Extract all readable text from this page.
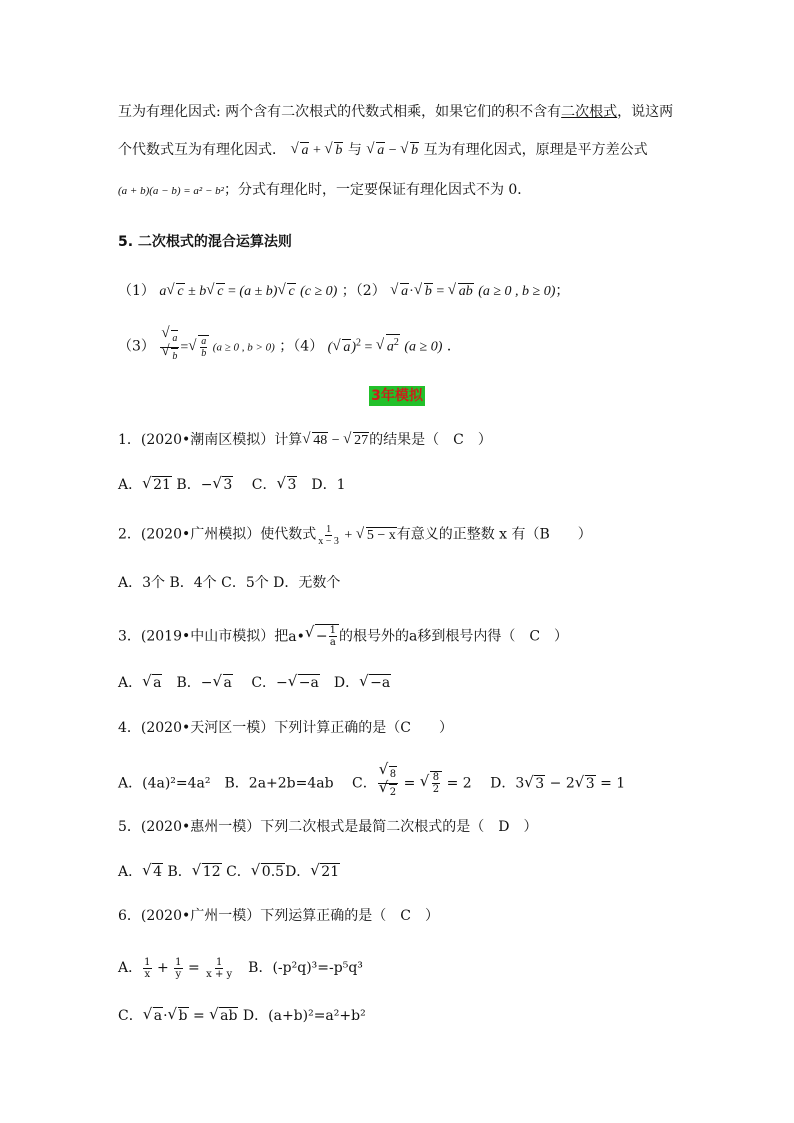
互为有理化因式: 两个含有二次根式的代数式相乘，如果它们的积不含有二次根式，说这两
个代数式互为有理化因式． √ a + √ b 与 √ a − √ b 互为有理化因式，原理是平方差公式
(a + b)(a − b) = a² − b²；分式有理化时，一定要保证有理化因式不为 0．
5. 二次根式的混合运算法则
（1） a √ c ± b √ c = (a ± b) √ c (c ≥ 0) ；（2） √ a· √ b = √ ab (a ≥ 0 , b ≥ 0)；
（3） √ a
√ b = √ $\frac{a}{b} (a \ge 0$ , b > 0) ；（4） ( √ a)$^2$ = √ $a^2$ (a ≥ 0) ．
3年模拟
1．(2020•潮南区模拟）计算 √ 48 − √ 27的结果是（　C　）
A． √ 21 B．− √ 3　 C． √ 3　D．1
2．(2020•广州模拟）使代数式 $\frac{1}{x - 3}$ + √ 5 − x有意义的正整数 x 有（B　　）
A．3个 B．4个 C．5个 D．无数个
3．(2019•中山市模拟）把a• √ − $\frac{1}{a}$ 的根号外的a移到根号内得（　C　）
A． √ a　B．− √ a　 C．− √ −a　D． √ −a
4．(2020•天河区一模）下列计算正确的是（C　　）
A．(4a)²=4a²　B．2a+2b=4ab　 C． √ 8
√ 2 = √ $\frac{8}{2} = 2$　 D．3 √ 3 − 2 √ 3 = 1
5．(2020•惠州一模）下列二次根式是最简二次根式的是（　D　）
A． √ 4 B． √ 12 C． √ 0.5D． √ 21
6．(2020•广州一模）下列运算正确的是（　C　）
A． $\frac{1}{x} + \frac{1}{y} = \frac{1}{x + y}$ 　B．(-p²q)³=-p⁵q³
C． √ a· √ b = √ ab D．(a+b)²=a²+b²
